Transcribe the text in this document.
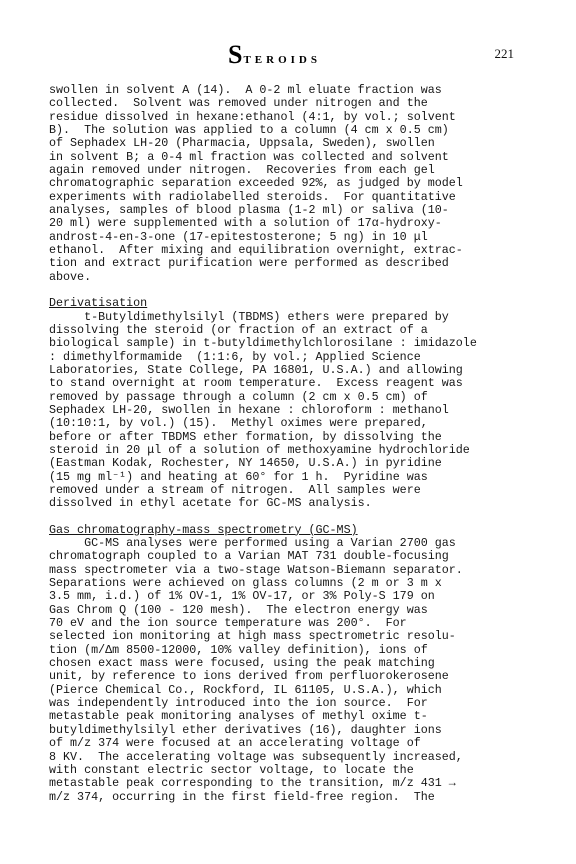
STEROIDS	221

swollen in solvent A (14).  A 0-2 ml eluate fraction was

collected.  Solvent was removed under nitrogen and the

residue dissolved in hexane:ethanol (4:1, by vol.; solvent

B).  The solution was applied to a column (4 cm x 0.5 cm)

of Sephadex LH-20 (Pharmacia, Uppsala, Sweden), swollen

in solvent B; a 0-4 ml fraction was collected and solvent

again removed under nitrogen.  Recoveries from each gel

chromatographic separation exceeded 92%, as judged by model

experiments with radiolabelled steroids.  For quantitative

analyses, samples of blood plasma (1-2 ml) or saliva (10-

20 ml) were supplemented with a solution of 17α-hydroxy-

androst-4-en-3-one (17-epitestosterone; 5 ng) in 10 μl

ethanol.  After mixing and equilibration overnight, extrac-

tion and extract purification were performed as described

above.

Derivatisation

t-Butyldimethylsilyl (TBDMS) ethers were prepared by

dissolving the steroid (or fraction of an extract of a

biological sample) in t-butyldimethylchlorosilane : imidazole

: dimethylformamide  (1:1:6, by vol.; Applied Science

Laboratories, State College, PA 16801, U.S.A.) and allowing

to stand overnight at room temperature.  Excess reagent was

removed by passage through a column (2 cm x 0.5 cm) of

Sephadex LH-20, swollen in hexane : chloroform : methanol

(10:10:1, by vol.) (15).  Methyl oximes were prepared,

before or after TBDMS ether formation, by dissolving the

steroid in 20 μl of a solution of methoxyamine hydrochloride

(Eastman Kodak, Rochester, NY 14650, U.S.A.) in pyridine

(15 mg ml⁻¹) and heating at 60° for 1 h.  Pyridine was

removed under a stream of nitrogen.  All samples were

dissolved in ethyl acetate for GC-MS analysis.

Gas chromatography-mass spectrometry (GC-MS)

GC-MS analyses were performed using a Varian 2700 gas

chromatograph coupled to a Varian MAT 731 double-focusing

mass spectrometer via a two-stage Watson-Biemann separator.

Separations were achieved on glass columns (2 m or 3 m x

3.5 mm, i.d.) of 1% OV-1, 1% OV-17, or 3% Poly-S 179 on

Gas Chrom Q (100 - 120 mesh).  The electron energy was

70 eV and the ion source temperature was 200°.  For

selected ion monitoring at high mass spectrometric resolu-

tion (m/Δm 8500-12000, 10% valley definition), ions of

chosen exact mass were focused, using the peak matching

unit, by reference to ions derived from perfluorokerosene

(Pierce Chemical Co., Rockford, IL 61105, U.S.A.), which

was independently introduced into the ion source.  For

metastable peak monitoring analyses of methyl oxime t-

butyldimethylsilyl ether derivatives (16), daughter ions

of m/z 374 were focused at an accelerating voltage of

8 KV.  The accelerating voltage was subsequently increased,

with constant electric sector voltage, to locate the

metastable peak corresponding to the transition, m/z 431 →

m/z 374, occurring in the first field-free region.  The
